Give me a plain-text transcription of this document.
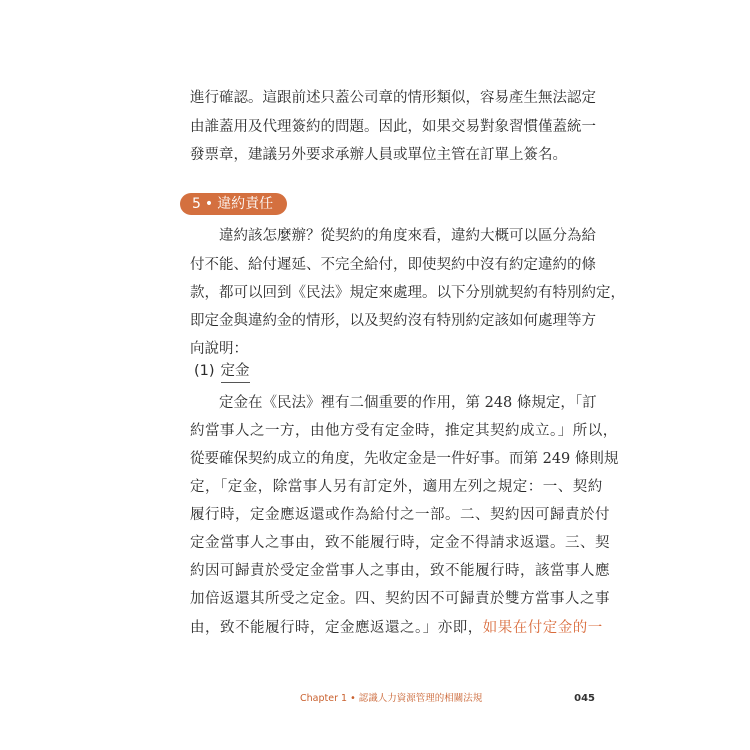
進行確認。這跟前述只蓋公司章的情形類似，容易產生無法認定
由誰蓋用及代理簽約的問題。因此，如果交易對象習慣僅蓋統一
發票章，建議另外要求承辦人員或單位主管在訂單上簽名。
5 • 違約責任
違約該怎麼辦？從契約的角度來看，違約大概可以區分為給
付不能、給付遲延、不完全給付，即使契約中沒有約定違約的條
款，都可以回到《民法》規定來處理。以下分別就契約有特別約定，
即定金與違約金的情形，以及契約沒有特別約定該如何處理等方
向說明：
(1) 定金
定金在《民法》裡有二個重要的作用，第 248 條規定，「訂
約當事人之一方，由他方受有定金時，推定其契約成立。」所以，
從要確保契約成立的角度，先收定金是一件好事。而第 249 條則規
定，「定金，除當事人另有訂定外，適用左列之規定：一、契約
履行時，定金應返還或作為給付之一部。二、契約因可歸責於付
定金當事人之事由，致不能履行時，定金不得請求返還。三、契
約因可歸責於受定金當事人之事由，致不能履行時，該當事人應
加倍返還其所受之定金。四、契約因不可歸責於雙方當事人之事
由，致不能履行時，定金應返還之。」亦即，如果在付定金的一
Chapter 1 • 認識人力資源管理的相關法規	045
